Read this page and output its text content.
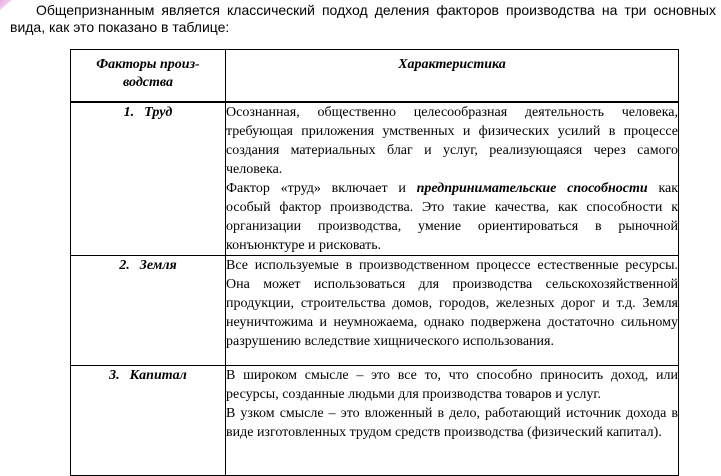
Общепризнанным является классический подход деления факторов производства на три основных вида, как это показано в таблице:

Факторы произ-
водства	Характеристика
1. Труд	Осознанная, общественно целесообразная деятельность человека, требующая приложения умственных и физических усилий в процессе создания материальных благ и услуг, реализующаяся через самого человека.

Фактор «труд» включает и предпринимательские способности как особый фактор производства. Это такие качества, как способности к организации производства, умение ориентироваться в рыночной конъюнктуре и рисковать.

2. Земля	Все используемые в производственном процессе естественные ресурсы. Она может использоваться для производства сельскохозяйственной продукции, строительства домов, городов, железных дорог и т.д. Земля неуничтожима и неумножаема, однако подвержена достаточно сильному разрушению вследствие хищнического использования.

3. Капитал	В широком смысле – это все то, что способно приносить доход, или ресурсы, созданные людьми для производства товаров и услуг.

В узком смысле – это вложенный в дело, работающий источник дохода в виде изготовленных трудом средств производства (физический капитал).
